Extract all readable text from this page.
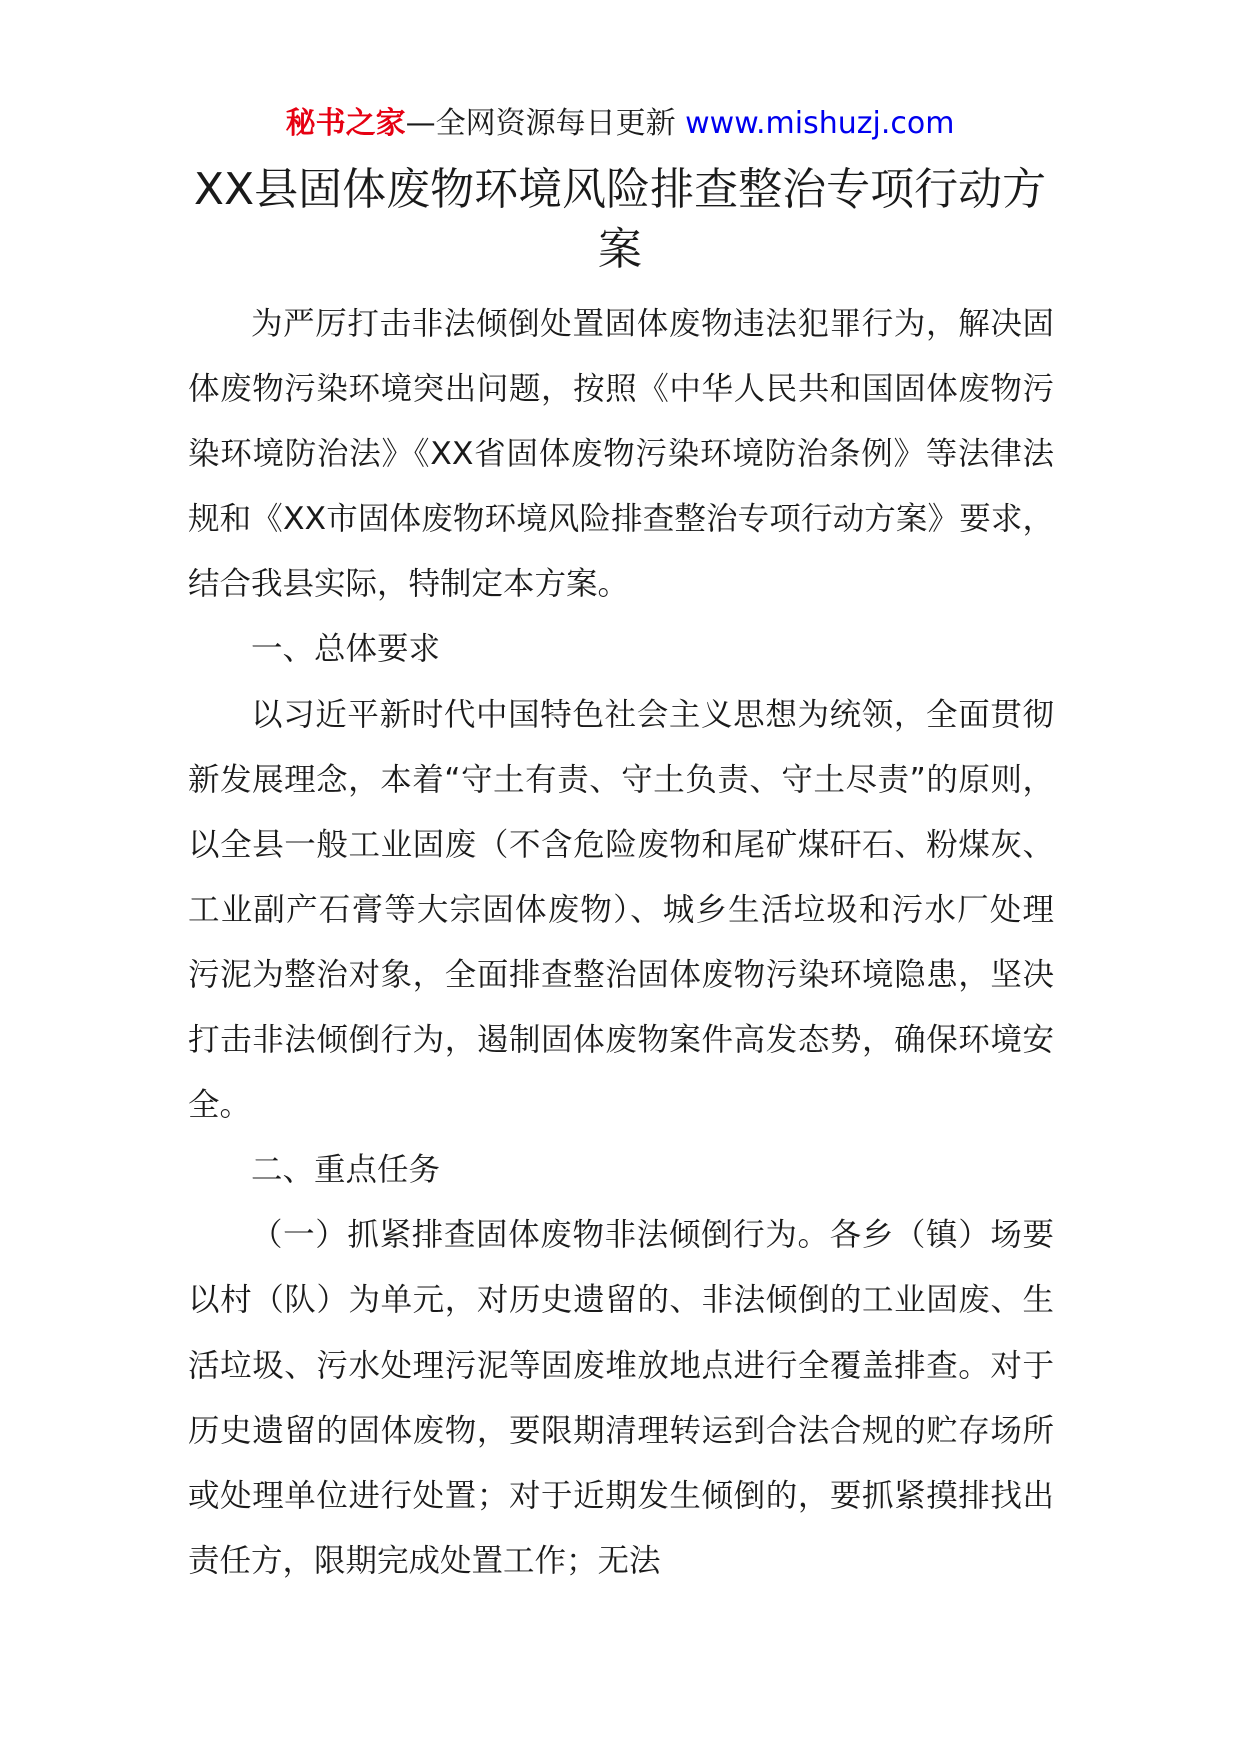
秘书之家—全网资源每日更新 www.mishuzj.com
XX县固体废物环境风险排查整治专项行动方案

为严厉打击非法倾倒处置固体废物违法犯罪行为，解决固体废物污染环境突出问题，按照《中华人民共和国固体废物污染环境防治法》《XX省固体废物污染环境防治条例》等法律法规和《XX市固体废物环境风险排查整治专项行动方案》要求，结合我县实际，特制定本方案。

一、总体要求

以习近平新时代中国特色社会主义思想为统领，全面贯彻新发展理念，本着“守土有责、守土负责、守土尽责”的原则，以全县一般工业固废（不含危险废物和尾矿煤矸石、粉煤灰、工业副产石膏等大宗固体废物）、城乡生活垃圾和污水厂处理污泥为整治对象，全面排查整治固体废物污染环境隐患，坚决打击非法倾倒行为，遏制固体废物案件高发态势，确保环境安全。

二、重点任务

（一）抓紧排查固体废物非法倾倒行为。各乡（镇）场要以村（队）为单元，对历史遗留的、非法倾倒的工业固废、生活垃圾、污水处理污泥等固废堆放地点进行全覆盖排查。对于历史遗留的固体废物，要限期清理转运到合法合规的贮存场所或处理单位进行处置；对于近期发生倾倒的，要抓紧摸排找出责任方，限期完成处置工作；无法
